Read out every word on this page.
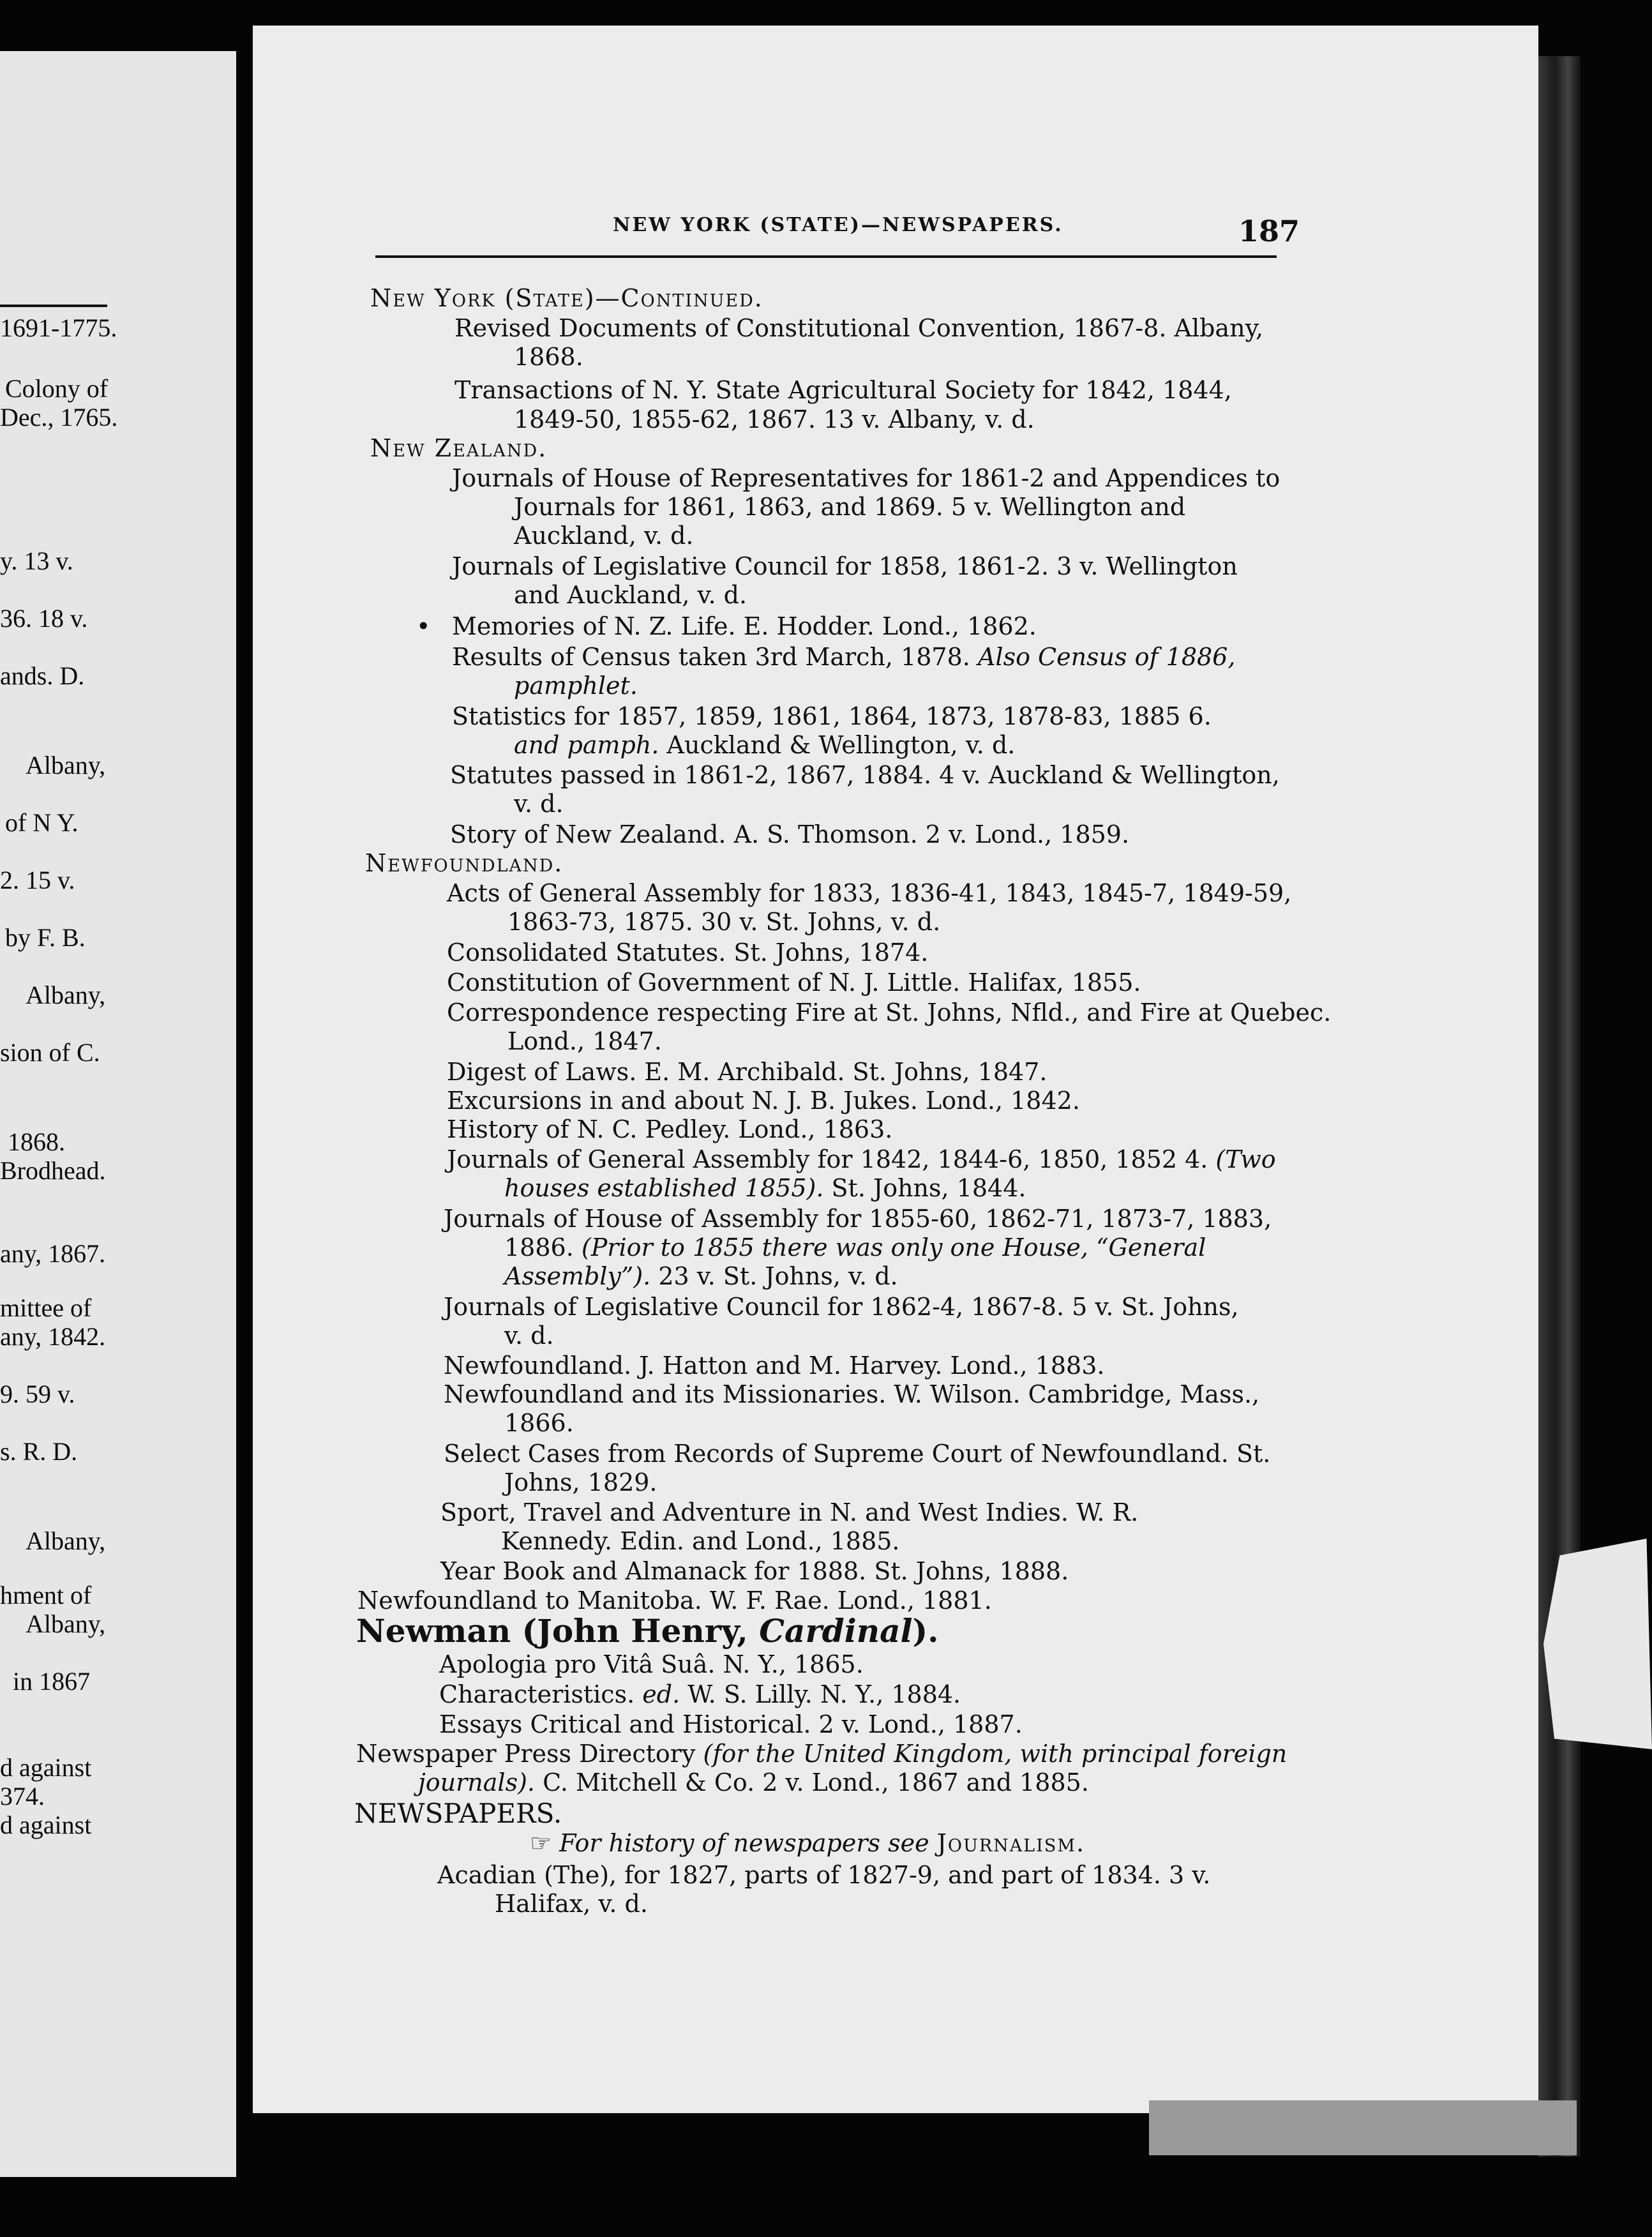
1691-1775.
Colony of
Dec., 1765.
y. 13 v.
36. 18 v.
ands. D.
Albany,
of N Y.
2. 15 v.
by F. B.
Albany,
sion of C.
1868.
Brodhead.
any, 1867.
mittee of
any, 1842.
9. 59 v.
s. R. D.
Albany,
hment of
Albany,
in 1867
d against
374.
d against
NEW YORK (STATE)—NEWSPAPERS.	187
New York (State)—Continued.
Revised Documents of Constitutional Convention, 1867-8. Albany,
1868.
Transactions of N. Y. State Agricultural Society for 1842, 1844,
1849-50, 1855-62, 1867. 13 v. Albany, v. d.
New Zealand.
Journals of House of Representatives for 1861-2 and Appendices to
Journals for 1861, 1863, and 1869. 5 v. Wellington and
Auckland, v. d.
Journals of Legislative Council for 1858, 1861-2. 3 v. Wellington
and Auckland, v. d.
• Memories of N. Z. Life. E. Hodder. Lond., 1862.
Results of Census taken 3rd March, 1878. Also Census of 1886,
pamphlet.
Statistics for 1857, 1859, 1861, 1864, 1873, 1878-83, 1885 6.
and pamph. Auckland & Wellington, v. d.
Statutes passed in 1861-2, 1867, 1884. 4 v. Auckland & Wellington,
v. d.
Story of New Zealand. A. S. Thomson. 2 v. Lond., 1859.
Newfoundland.
Acts of General Assembly for 1833, 1836-41, 1843, 1845-7, 1849-59,
1863-73, 1875. 30 v. St. Johns, v. d.
Consolidated Statutes. St. Johns, 1874.
Constitution of Government of N. J. Little. Halifax, 1855.
Correspondence respecting Fire at St. Johns, Nfld., and Fire at Quebec.
Lond., 1847.
Digest of Laws. E. M. Archibald. St. Johns, 1847.
Excursions in and about N. J. B. Jukes. Lond., 1842.
History of N. C. Pedley. Lond., 1863.
Journals of General Assembly for 1842, 1844-6, 1850, 1852 4. (Two
houses established 1855). St. Johns, 1844.
Journals of House of Assembly for 1855-60, 1862-71, 1873-7, 1883,
1886. (Prior to 1855 there was only one House, “General
Assembly”). 23 v. St. Johns, v. d.
Journals of Legislative Council for 1862-4, 1867-8. 5 v. St. Johns,
v. d.
Newfoundland. J. Hatton and M. Harvey. Lond., 1883.
Newfoundland and its Missionaries. W. Wilson. Cambridge, Mass.,
1866.
Select Cases from Records of Supreme Court of Newfoundland. St.
Johns, 1829.
Sport, Travel and Adventure in N. and West Indies. W. R.
Kennedy. Edin. and Lond., 1885.
Year Book and Almanack for 1888. St. Johns, 1888.
Newfoundland to Manitoba. W. F. Rae. Lond., 1881.
Newman (John Henry, Cardinal).
Apologia pro Vitâ Suâ. N. Y., 1865.
Characteristics. ed. W. S. Lilly. N. Y., 1884.
Essays Critical and Historical. 2 v. Lond., 1887.
Newspaper Press Directory (for the United Kingdom, with principal foreign
journals). C. Mitchell & Co. 2 v. Lond., 1867 and 1885.
NEWSPAPERS.
☞ For history of newspapers see Journalism.
Acadian (The), for 1827, parts of 1827-9, and part of 1834. 3 v.
Halifax, v. d.
